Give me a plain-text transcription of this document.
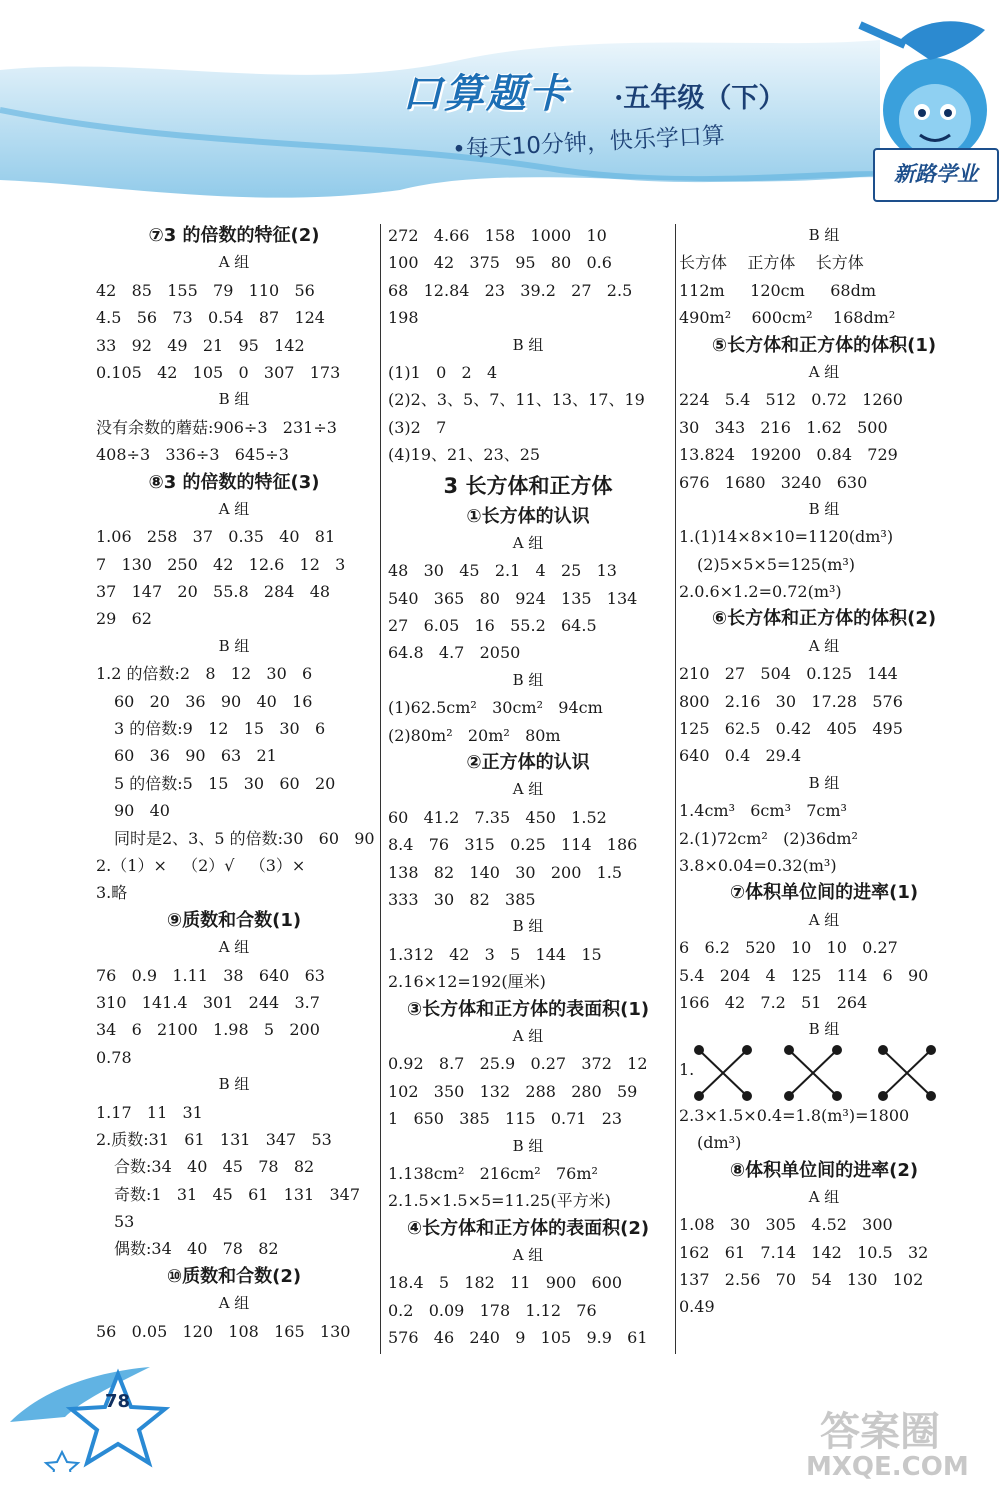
口算题卡 ·五年级（下）
•每天10分钟，快乐学口算
新路学业
⑦3 的倍数的特征(2)
A 组
42   85   155   79   110   56
4.5   56   73   0.54   87   124
33   92   49   21   95   142
0.105   42   105   0   307   173
B 组
没有余数的蘑菇:906÷3   231÷3
408÷3   336÷3   645÷3
⑧3 的倍数的特征(3)
A 组
1.06   258   37   0.35   40   81
7   130   250   42   12.6   12   3
37   147   20   55.8   284   48
29   62
B 组
1.2 的倍数:2   8   12   30   6
60   20   36   90   40   16
3 的倍数:9   12   15   30   6
60   36   90   63   21
5 的倍数:5   15   30   60   20
90   40
同时是2、3、5 的倍数:30   60   90
2.（1）×   （2）√   （3）×
3.略
⑨质数和合数(1)
A 组
76   0.9   1.11   38   640   63
310   141.4   301   244   3.7
34   6   2100   1.98   5   200
0.78
B 组
1.17   11   31
2.质数:31   61   131   347   53
合数:34   40   45   78   82
奇数:1   31   45   61   131   347
53
偶数:34   40   78   82
⑩质数和合数(2)
A 组
56   0.05   120   108   165   130
272   4.66   158   1000   10
100   42   375   95   80   0.6
68   12.84   23   39.2   27   2.5
198
B 组
(1)1   0   2   4
(2)2、3、5、7、11、13、17、19
(3)2   7
(4)19、21、23、25
3 长方体和正方体
①长方体的认识
A 组
48   30   45   2.1   4   25   13
540   365   80   924   135   134
27   6.05   16   55.2   64.5
64.8   4.7   2050
B 组
(1)62.5cm²   30cm²   94cm
(2)80m²   20m²   80m
②正方体的认识
A 组
60   41.2   7.35   450   1.52
8.4   76   315   0.25   114   186
138   82   140   30   200   1.5
333   30   82   385
B 组
1.312   42   3   5   144   15
2.16×12=192(厘米)
③长方体和正方体的表面积(1)
A 组
0.92   8.7   25.9   0.27   372   12
102   350   132   288   280   59
1   650   385   115   0.71   23
B 组
1.138cm²   216cm²   76m²
2.1.5×1.5×5=11.25(平方米)
④长方体和正方体的表面积(2)
A 组
18.4   5   182   11   900   600
0.2   0.09   178   1.12   76
576   46   240   9   105   9.9   61
B 组
长方体    正方体    长方体
112m     120cm     68dm
490m²    600cm²    168dm²
⑤长方体和正方体的体积(1)
A 组
224   5.4   512   0.72   1260
30   343   216   1.62   500
13.824   19200   0.84   729
676   1680   3240   630
B 组
1.(1)14×8×10=1120(dm³)
(2)5×5×5=125(m³)
2.0.6×1.2=0.72(m³)
⑥长方体和正方体的体积(2)
A 组
210   27   504   0.125   144
800   2.16   30   17.28   576
125   62.5   0.42   405   495
640   0.4   29.4
B 组
1.4cm³   6cm³   7cm³
2.(1)72cm²   (2)36dm²
3.8×0.04=0.32(m³)
⑦体积单位间的进率(1)
A 组
6   6.2   520   10   10   0.27
5.4   204   4   125   114   6   90
166   42   7.2   51   264
B 组
1.
2.3×1.5×0.4=1.8(m³)=1800
(dm³)
⑧体积单位间的进率(2)
A 组
1.08   30   305   4.52   300
162   61   7.14   142   10.5   32
137   2.56   70   54   130   102
0.49
78
答案圈
MXQE.COM
